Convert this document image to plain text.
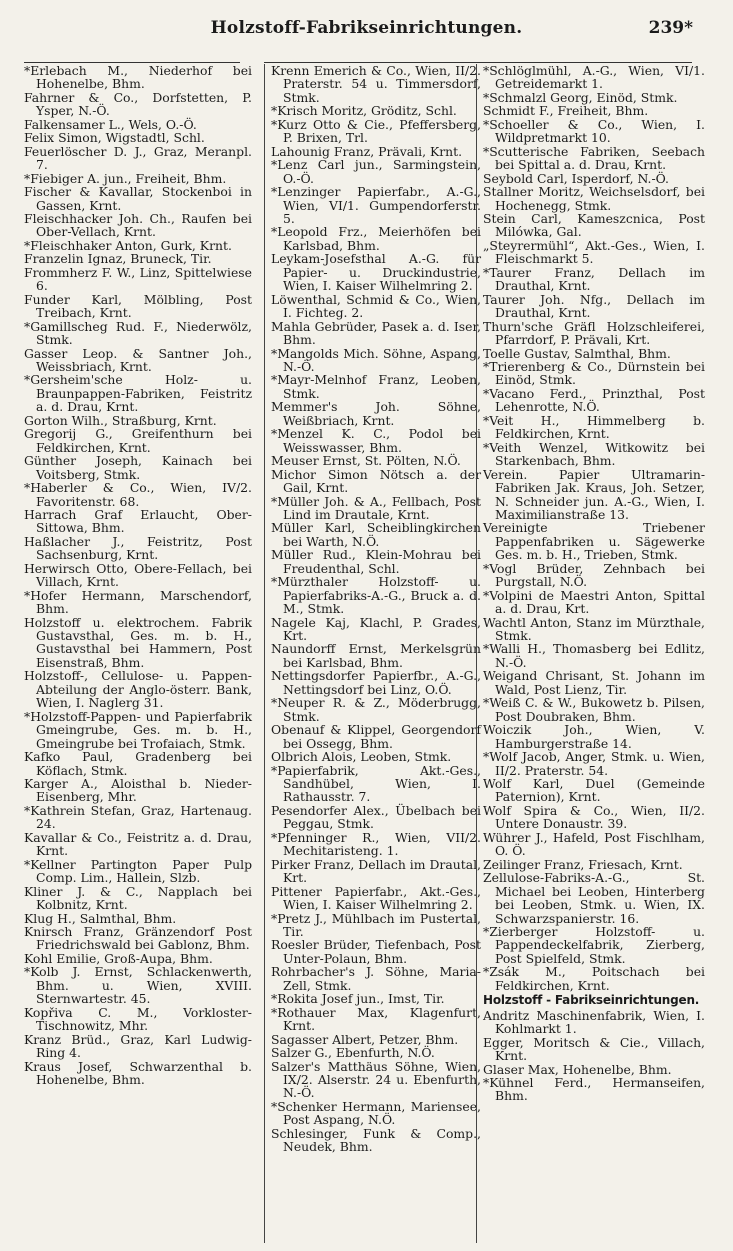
Holzstoff-Fabrikseinrichtungen.	239*

*Erlebach M., Niederhof bei Hohenelbe, Bhm.

Fahrner & Co., Dorfstetten, P. Ysper, N.-Ö.

Falkensamer L., Wels, O.-Ö.

Felix Simon, Wigstadtl, Schl.

Feuerlöscher D. J., Graz, Meranpl. 7.

*Fiebiger A. jun., Freiheit, Bhm.

Fischer & Kavallar, Stockenboi in Gassen, Krnt.

Fleischhacker Joh. Ch., Raufen bei Ober-Vellach, Krnt.

*Fleischhaker Anton, Gurk, Krnt.

Franzelin Ignaz, Bruneck, Tir.

Frommherz F. W., Linz, Spittelwiese 6.

Funder Karl, Mölbling, Post Treibach, Krnt.

*Gamillscheg Rud. F., Niederwölz, Stmk.

Gasser Leop. & Santner Joh., Weissbriach, Krnt.

*Gersheim'sche Holz- u. Braunpappen-Fabriken, Feistritz a. d. Drau, Krnt.

Gorton Wilh., Straßburg, Krnt.

Gregorij G., Greifenthurn bei Feldkirchen, Krnt.

Günther Joseph, Kainach bei Voitsberg, Stmk.

*Haberler & Co., Wien, IV/2. Favoritenstr. 68.

Harrach Graf Erlaucht, Ober-Sittowa, Bhm.

Haßlacher J., Feistritz, Post Sachsenburg, Krnt.

Herwirsch Otto, Obere-Fellach, bei Villach, Krnt.

*Hofer Hermann, Marschendorf, Bhm.

Holzstoff u. elektrochem. Fabrik Gustavsthal, Ges. m. b. H., Gustavsthal bei Hammern, Post Eisenstraß, Bhm.

Holzstoff-, Cellulose- u. Pappen-Abteilung der Anglo-österr. Bank, Wien, I. Naglerg 31.

*Holzstoff-Pappen- und Papierfabrik Gmeingrube, Ges. m. b. H., Gmeingrube bei Trofaiach, Stmk.

Kafko Paul, Gradenberg bei Köflach, Stmk.

Karger A., Aloisthal b. Nieder-Eisenberg, Mhr.

*Kathrein Stefan, Graz, Hartenaug. 24.

Kavallar & Co., Feistritz a. d. Drau, Krnt.

*Kellner Partington Paper Pulp Comp. Lim., Hallein, Slzb.

Kliner J. & C., Napplach bei Kolbnitz, Krnt.

Klug H., Salmthal, Bhm.

Knirsch Franz, Gränzendorf Post Friedrichswald bei Gablonz, Bhm.

Kohl Emilie, Groß-Aupa, Bhm.

*Kolb J. Ernst, Schlackenwerth, Bhm. u. Wien, XVIII. Sternwartestr. 45.

Kopřiva C. M., Vorkloster-Tischnowitz, Mhr.

Kranz Brüd., Graz, Karl Ludwig-Ring 4.

Kraus Josef, Schwarzenthal b. Hohenelbe, Bhm.

Krenn Emerich & Co., Wien, II/2. Praterstr. 54 u. Timmersdorf, Stmk.

*Krisch Moritz, Gröditz, Schl.

*Kurz Otto & Cie., Pfeffersberg, P. Brixen, Trl.

Lahounig Franz, Prävali, Krnt.

*Lenz Carl jun., Sarmingstein, O.-Ö.

*Lenzinger Papierfabr., A.-G., Wien, VI/1. Gumpendorferstr. 5.

*Leopold Frz., Meierhöfen bei Karlsbad, Bhm.

Leykam-Josefsthal A.-G. für Papier- u. Druckindustrie, Wien, I. Kaiser Wilhelmring 2.

Löwenthal, Schmid & Co., Wien, I. Fichteg. 2.

Mahla Gebrüder, Pasek a. d. Iser, Bhm.

*Mangolds Mich. Söhne, Aspang, N.-Ö.

*Mayr-Melnhof Franz, Leoben, Stmk.

Memmer's Joh. Söhne, Weißbriach, Krnt.

*Menzel K. C., Podol bei Weisswasser, Bhm.

Meuser Ernst, St. Pölten, N.Ö.

Michor Simon Nötsch a. der Gail, Krnt.

*Müller Joh. & A., Fellbach, Post Lind im Drautale, Krnt.

Müller Karl, Scheiblingkirchen bei Warth, N.Ö.

Müller Rud., Klein-Mohrau bei Freudenthal, Schl.

*Mürzthaler Holzstoff- u. Papierfabriks-A.-G., Bruck a. d. M., Stmk.

Nagele Kaj, Klachl, P. Grades, Krt.

Naundorff Ernst, Merkelsgrün bei Karlsbad, Bhm.

Nettingsdorfer Papierfbr., A.-G., Nettingsdorf bei Linz, O.Ö.

*Neuper R. & Z., Möderbrugg, Stmk.

Obenauf & Klippel, Georgendorf bei Ossegg, Bhm.

Olbrich Alois, Leoben, Stmk.

*Papierfabrik, Akt.-Ges., Sandhübel, Wien, I. Rathausstr. 7.

Pesendorfer Alex., Übelbach bei Peggau, Stmk.

*Pfenninger R., Wien, VII/2. Mechitaristeng. 1.

Pirker Franz, Dellach im Drautal, Krt.

Pittener Papierfabr., Akt.-Ges., Wien, I. Kaiser Wilhelmring 2.

*Pretz J., Mühlbach im Pustertal, Tir.

Roesler Brüder, Tiefenbach, Post Unter-Polaun, Bhm.

Rohrbacher's J. Söhne, Maria-Zell, Stmk.

*Rokita Josef jun., Imst, Tir.

*Rothauer Max, Klagenfurt, Krnt.

Sagasser Albert, Petzer, Bhm.

Salzer G., Ebenfurth, N.Ö.

Salzer's Matthäus Söhne, Wien, IX/2. Alserstr. 24 u. Ebenfurth, N.-Ö.

*Schenker Hermann, Mariensee, Post Aspang, N.Ö.

Schlesinger, Funk & Comp., Neudek, Bhm.

*Schlöglmühl, A.-G., Wien, VI/1. Getreidemarkt 1.

*Schmalzl Georg, Einöd, Stmk.

Schmidt F., Freiheit, Bhm.

*Schoeller & Co., Wien, I. Wildpretmarkt 10.

*Scutterische Fabriken, Seebach bei Spittal a. d. Drau, Krnt.

Seybold Carl, Isperdorf, N.-Ö.

Stallner Moritz, Weichselsdorf, bei Hochenegg, Stmk.

Stein Carl, Kameszcnica, Post Milówka, Gal.

„Steyrermühl“, Akt.-Ges., Wien, I. Fleischmarkt 5.

*Taurer Franz, Dellach im Drauthal, Krnt.

Taurer Joh. Nfg., Dellach im Drauthal, Krnt.

Thurn'sche Gräfl Holzschleiferei, Pfarrdorf, P. Prävali, Krt.

Toelle Gustav, Salmthal, Bhm.

*Trierenberg & Co., Dürnstein bei Einöd, Stmk.

*Vacano Ferd., Prinzthal, Post Lehenrotte, N.Ö.

*Veit H., Himmelberg b. Feldkirchen, Krnt.

*Veith Wenzel, Witkowitz bei Starkenbach, Bhm.

Verein. Papier Ultramarin-Fabriken Jak. Kraus, Joh. Setzer, N. Schneider jun. A.-G., Wien, I. Maximilianstraße 13.

Vereinigte Triebener Pappenfabriken u. Sägewerke Ges. m. b. H., Trieben, Stmk.

*Vogl Brüder, Zehnbach bei Purgstall, N.Ö.

*Volpini de Maestri Anton, Spittal a. d. Drau, Krt.

Wachtl Anton, Stanz im Mürzthale, Stmk.

*Walli H., Thomasberg bei Edlitz, N.-Ö.

Weigand Chrisant, St. Johann im Wald, Post Lienz, Tir.

*Weiß C. & W., Bukowetz b. Pilsen, Post Doubraken, Bhm.

Woiczik Joh., Wien, V. Hamburgerstraße 14.

*Wolf Jacob, Anger, Stmk. u. Wien, II/2. Praterstr. 54.

Wolf Karl, Duel (Gemeinde Paternion), Krnt.

Wolf Spira & Co., Wien, II/2. Untere Donaustr. 39.

Wührer J., Hafeld, Post Fischlham, O. Ö.

Zeilinger Franz, Friesach, Krnt.

Zellulose-Fabriks-A.-G., St. Michael bei Leoben, Hinterberg bei Leoben, Stmk. u. Wien, IX. Schwarzspanierstr. 16.

*Zierberger Holzstoff- u. Pappendeckelfabrik, Zierberg, Post Spielfeld, Stmk.

*Zsák M., Poitschach bei Feldkirchen, Krnt.

Holzstoff - Fabrikseinrichtungen.

Andritz Maschinenfabrik, Wien, I. Kohlmarkt 1.

Egger, Moritsch & Cie., Villach, Krnt.

Glaser Max, Hohenelbe, Bhm.

*Kühnel Ferd., Hermanseifen, Bhm.
